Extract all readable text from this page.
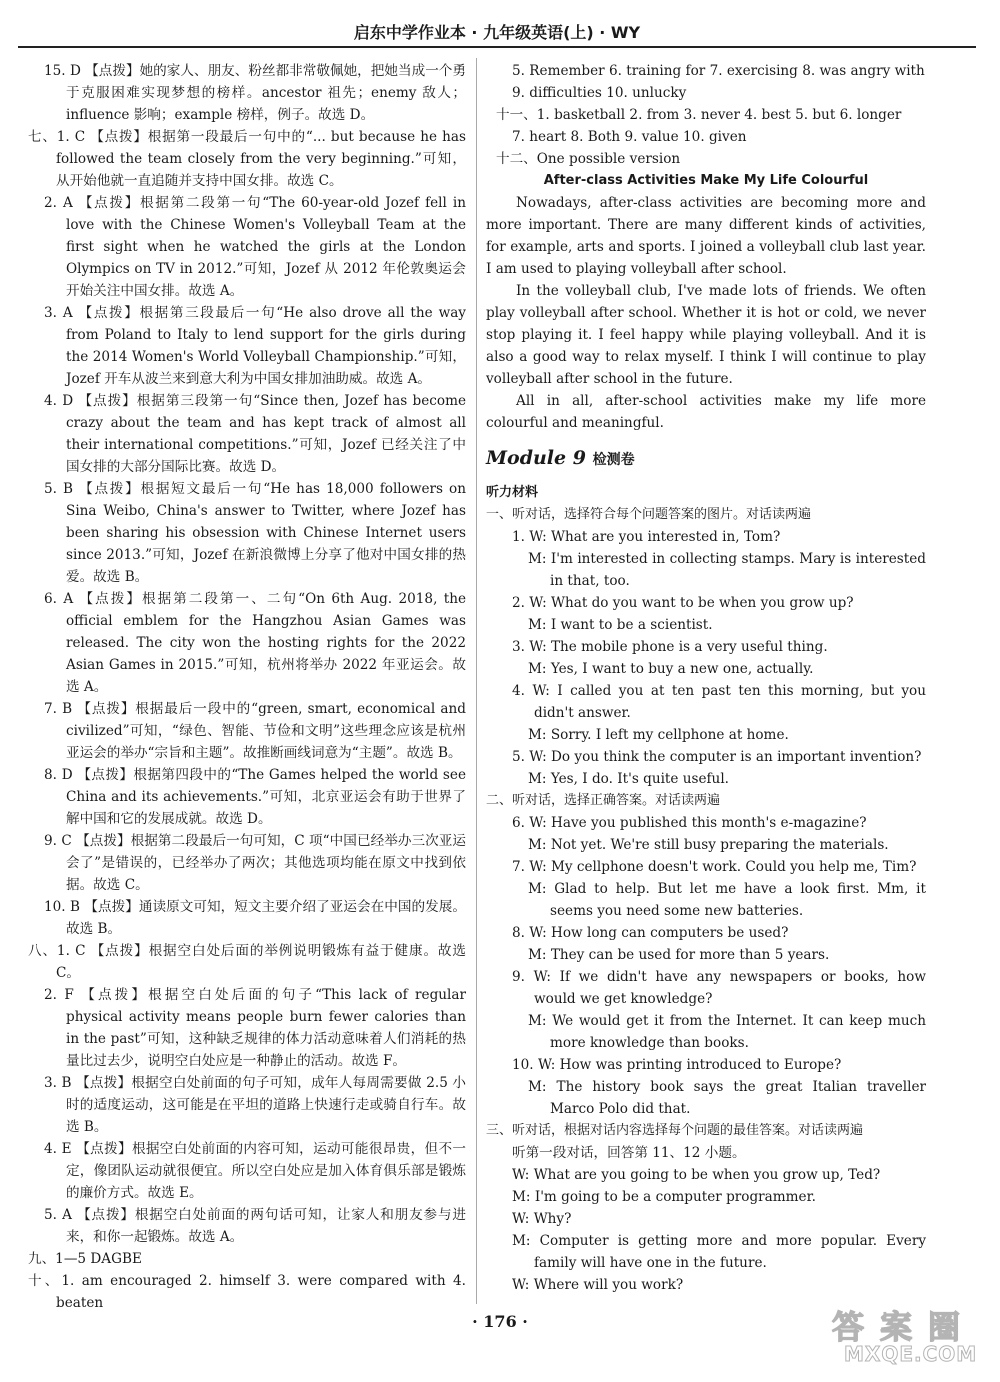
启东中学作业本 · 九年级英语(上) · WY

15. D 【点拨】她的家人、朋友、粉丝都非常敬佩她，把她当成一个勇于克服困难实现梦想的榜样。ancestor 祖先；enemy 敌人；influence 影响；example 榜样，例子。故选 D。

七、1. C 【点拨】根据第一段最后一句中的“... but because he has followed the team closely from the very beginning.”可知，从开始他就一直追随并支持中国女排。故选 C。

2. A 【点拨】根据第二段第一句“The 60-year-old Jozef fell in love with the Chinese Women's Volleyball Team at the first sight when he watched the girls at the London Olympics on TV in 2012.”可知，Jozef 从 2012 年伦敦奥运会开始关注中国女排。故选 A。

3. A 【点拨】根据第三段最后一句“He also drove all the way from Poland to Italy to lend support for the girls during the 2014 Women's World Volleyball Championship.”可知，Jozef 开车从波兰来到意大利为中国女排加油助威。故选 A。

4. D 【点拨】根据第三段第一句“Since then, Jozef has become crazy about the team and has kept track of almost all their international competitions.”可知，Jozef 已经关注了中国女排的大部分国际比赛。故选 D。

5. B 【点拨】根据短文最后一句“He has 18,000 followers on Sina Weibo, China's answer to Twitter, where Jozef has been sharing his obsession with Chinese Internet users since 2013.”可知，Jozef 在新浪微博上分享了他对中国女排的热爱。故选 B。

6. A 【点拨】根据第二段第一、二句“On 6th Aug. 2018, the official emblem for the Hangzhou Asian Games was released. The city won the hosting rights for the 2022 Asian Games in 2015.”可知，杭州将举办 2022 年亚运会。故选 A。

7. B 【点拨】根据最后一段中的“green, smart, economical and civilized”可知，“绿色、智能、节俭和文明”这些理念应该是杭州亚运会的举办“宗旨和主题”。故推断画线词意为“主题”。故选 B。

8. D 【点拨】根据第四段中的“The Games helped the world see China and its achievements.”可知，北京亚运会有助于世界了解中国和它的发展成就。故选 D。

9. C 【点拨】根据第二段最后一句可知，C 项“中国已经举办三次亚运会了”是错误的，已经举办了两次；其他选项均能在原文中找到依据。故选 C。

10. B 【点拨】通读原文可知，短文主要介绍了亚运会在中国的发展。故选 B。

八、1. C 【点拨】根据空白处后面的举例说明锻炼有益于健康。故选 C。

2. F 【点拨】根据空白处后面的句子“This lack of regular physical activity means people burn fewer calories than in the past”可知，这种缺乏规律的体力活动意味着人们消耗的热量比过去少，说明空白处应是一种静止的活动。故选 F。

3. B 【点拨】根据空白处前面的句子可知，成年人每周需要做 2.5 小时的适度运动，这可能是在平坦的道路上快速行走或骑自行车。故选 B。

4. E 【点拨】根据空白处前面的内容可知，运动可能很昂贵，但不一定，像团队运动就很便宜。所以空白处应是加入体育俱乐部是锻炼的廉价方式。故选 E。

5. A 【点拨】根据空白处前面的两句话可知，让家人和朋友参与进来，和你一起锻炼。故选 A。

九、1—5 DAGBE

十、1. am encouraged 2. himself 3. were compared with 4. beaten

5. Remember 6. training for 7. exercising 8. was angry with

9. difficulties 10. unlucky

十一、1. basketball 2. from 3. never 4. best 5. but 6. longer

7. heart 8. Both 9. value 10. given

十二、One possible version

After-class Activities Make My Life Colourful

Nowadays, after-class activities are becoming more and more important. There are many different kinds of activities, for example, arts and sports. I joined a volleyball club last year. I am used to playing volleyball after school.

In the volleyball club, I've made lots of friends. We often play volleyball after school. Whether it is hot or cold, we never stop playing it. I feel happy while playing volleyball. And it is also a good way to relax myself. I think I will continue to play volleyball after school in the future.

All in all, after-school activities make my life more colourful and meaningful.

Module 9 检测卷

听力材料

一、听对话，选择符合每个问题答案的图片。对话读两遍

1. W: What are you interested in, Tom?

M: I'm interested in collecting stamps. Mary is interested in that, too.

2. W: What do you want to be when you grow up?

M: I want to be a scientist.

3. W: The mobile phone is a very useful thing.

M: Yes, I want to buy a new one, actually.

4. W: I called you at ten past ten this morning, but you didn't answer.

M: Sorry. I left my cellphone at home.

5. W: Do you think the computer is an important invention?

M: Yes, I do. It's quite useful.

二、听对话，选择正确答案。对话读两遍

6. W: Have you published this month's e-magazine?

M: Not yet. We're still busy preparing the materials.

7. W: My cellphone doesn't work. Could you help me, Tim?

M: Glad to help. But let me have a look first. Mm, it seems you need some new batteries.

8. W: How long can computers be used?

M: They can be used for more than 5 years.

9. W: If we didn't have any newspapers or books, how would we get knowledge?

M: We would get it from the Internet. It can keep much more knowledge than books.

10. W: How was printing introduced to Europe?

M: The history book says the great Italian traveller Marco Polo did that.

三、听对话，根据对话内容选择每个问题的最佳答案。对话读两遍

听第一段对话，回答第 11、12 小题。

W: What are you going to be when you grow up, Ted?

M: I'm going to be a computer programmer.

W: Why?

M: Computer is getting more and more popular. Every family will have one in the future.

W: Where will you work?

· 176 ·	答 案 圈
MXQE.COM
